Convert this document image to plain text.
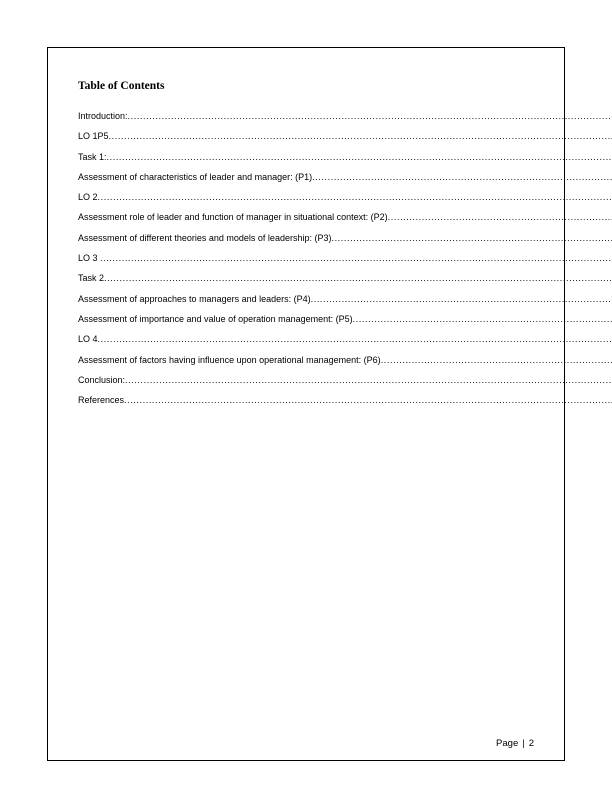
Table of Contents
Introduction:
.....
LO 1P5
.....
Task 1:
.....
Assessment of characteristics of leader and manager: (P1)
.....
LO 2
.....
Assessment role of leader and function of manager in situational context: (P2)
.....
Assessment of different theories and models of leadership: (P3)
.....
LO 3
.....
Task 2
.....
Assessment of approaches to managers and leaders: (P4)
.....
Assessment of importance and value of operation management: (P5)
.....
LO 4
.....
Assessment of factors having influence upon operational management: (P6)
.....
Conclusion:
.....
References
.....
Page | 2
